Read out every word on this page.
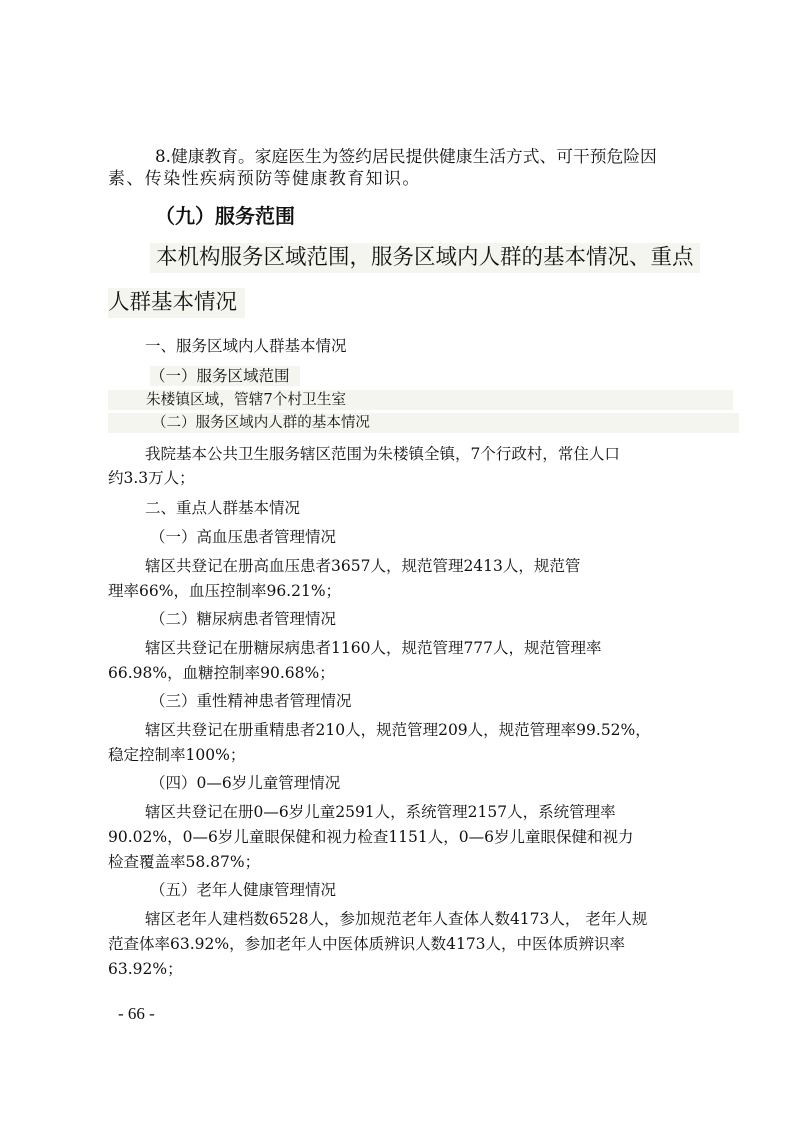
8.健康教育。家庭医生为签约居民提供健康生活方式、可干预危险因
素、传染性疾病预防等健康教育知识。
（九）服务范围
本机构服务区域范围，服务区域内人群的基本情况、重点
人群基本情况
一、服务区域内人群基本情况
（一）服务区域范围
朱楼镇区域，管辖7个村卫生室
（二）服务区域内人群的基本情况
我院基本公共卫生服务辖区范围为朱楼镇全镇，7个行政村，常住人口
约3.3万人；
二、重点人群基本情况
（一）高血压患者管理情况
辖区共登记在册高血压患者3657人，规范管理2413人，规范管
理率66%，血压控制率96.21%；
（二）糖尿病患者管理情况
辖区共登记在册糖尿病患者1160人，规范管理777人，规范管理率
66.98%，血糖控制率90.68%；
（三）重性精神患者管理情况
辖区共登记在册重精患者210人，规范管理209人，规范管理率99.52%，
稳定控制率100%；
（四）0—6岁儿童管理情况
辖区共登记在册0—6岁儿童2591人，系统管理2157人，系统管理率
90.02%，0—6岁儿童眼保健和视力检查1151人，0—6岁儿童眼保健和视力
检查覆盖率58.87%；
（五）老年人健康管理情况
辖区老年人建档数6528人，参加规范老年人查体人数4173人， 老年人规
范查体率63.92%，参加老年人中医体质辨识人数4173人，中医体质辨识率
63.92%；
- 66 -
